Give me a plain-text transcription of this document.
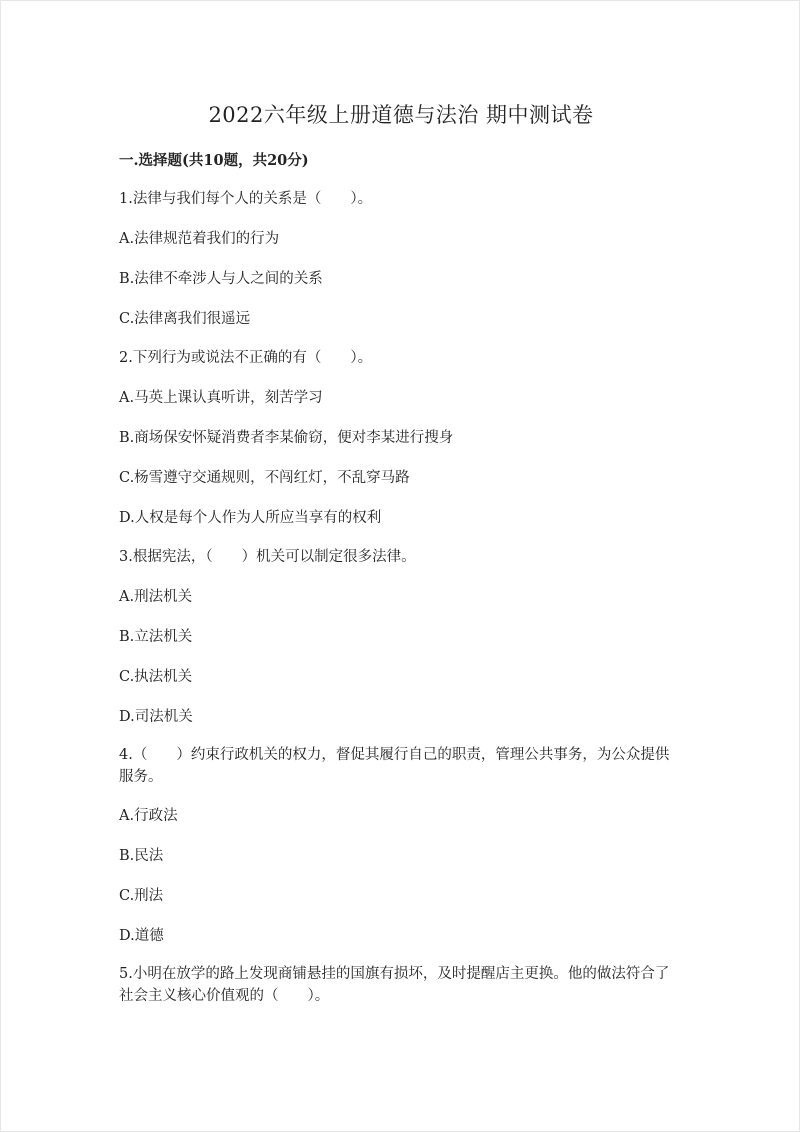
2022六年级上册道德与法治 期中测试卷
一.选择题(共10题，共20分)
1.法律与我们每个人的关系是（　　）。
A.法律规范着我们的行为
B.法律不牵涉人与人之间的关系
C.法律离我们很遥远
2.下列行为或说法不正确的有（　　）。
A.马英上课认真听讲，刻苦学习
B.商场保安怀疑消费者李某偷窃，便对李某进行搜身
C.杨雪遵守交通规则，不闯红灯，不乱穿马路
D.人权是每个人作为人所应当享有的权利
3.根据宪法，（　　）机关可以制定很多法律。
A.刑法机关
B.立法机关
C.执法机关
D.司法机关
4.（　　）约束行政机关的权力，督促其履行自己的职责，管理公共事务，为公众提供服务。
A.行政法
B.民法
C.刑法
D.道德
5.小明在放学的路上发现商铺悬挂的国旗有损坏，及时提醒店主更换。他的做法符合了社会主义核心价值观的（　　）。
